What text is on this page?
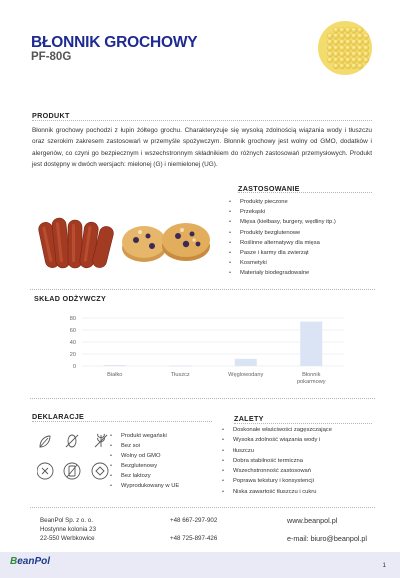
BŁONNIK GROCHOWY
PF-80G
PRODUKT
Błonnik grochowy pochodzi z łupin żółtego grochu. Charakteryzuje się wysoką zdolnością wiązania wody i tłuszczu oraz szerokim zakresem zastosowań w przemyśle spożywczym. Błonnik grochowy jest wolny od GMO, dodatków i alergenów, co czyni go bezpiecznym i wszechstronnym składnikiem do różnych zastosowań przemysłowych. Produkt jest dostępny w dwóch wersjach: mielonej (G) i niemielonej (UG).
ZASTOSOWANIE
• Produkty pieczone
• Przekąski
• Mięsa (kiełbasy, burgery, wędliny itp.)
• Produkty bezglutenowe
• Roślinne alternatywy dla mięsa
• Pasze i karmy dla zwierząt
• Kosmetyki
• Materiały biodegradowalne
SKŁAD ODŻYWCZY
0
20
40
60
80
Białko	Tłuszcz	Węglowodany	Błonnik
pokarmowy
DEKLARACJE
• Produkt wegański
• Bez soi
• Wolny od GMO
• Bezglutenowy
• Bez laktozy
• Wyprodukowany w UE
ZALETY
• Doskonałe właściwości zagęszczające
• Wysoka zdolność wiązania wody i
• tłuszczu
• Dobra stabilność termiczna
• Wszechstronność zastosowań
• Poprawa tekstury i konsystencji
• Niska zawartość tłuszczu i cukru
BeanPol Sp. z o. o.
Hostynne kolonia 23
22-550 Werbkowice
+48 667-297-902
+48 725-897-426
www.beanpol.pl
e-mail: biuro@beanpol.pl
BeanPol	1
